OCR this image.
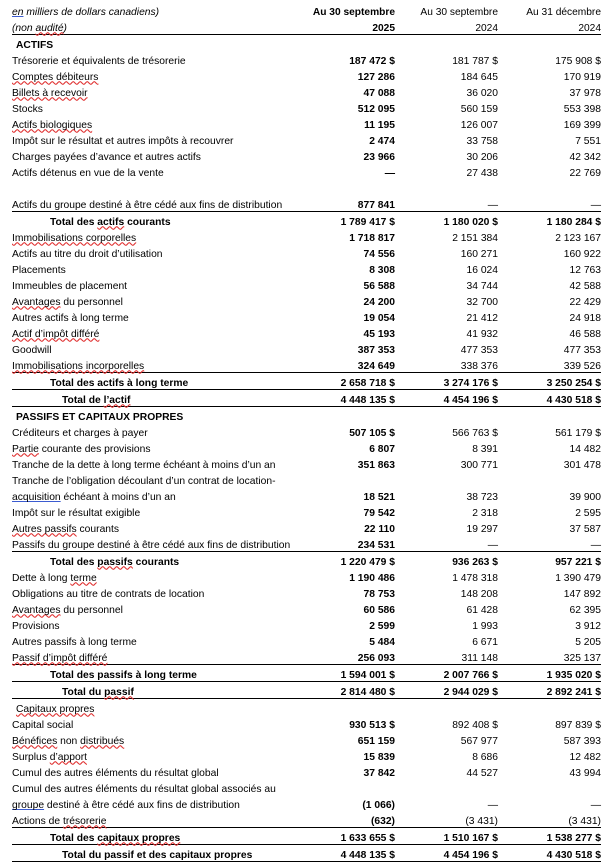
en milliers de dollars canadiens)	Au 30 septembre	Au 30 septembre	Au 31 décembre
(non audité)	2025	2024	2024
ACTIFS			
Trésorerie et équivalents de trésorerie	187 472 $	181 787 $	175 908 $
Comptes débiteurs	127 286	184 645	170 919
Billets à recevoir	47 088	36 020	37 978
Stocks	512 095	560 159	553 398
Actifs biologiques	11 195	126 007	169 399
Impôt sur le résultat et autres impôts à recouvrer	2 474	33 758	7 551
Charges payées d’avance et autres actifs	23 966	30 206	42 342
Actifs détenus en vue de la vente	—	27 438	22 769

Actifs du groupe destiné à être cédé aux fins de distribution	877 841	—	—
Total des actifs courants	1 789 417 $	1 180 020 $	1 180 284 $
Immobilisations corporelles	1 718 817	2 151 384	2 123 167
Actifs au titre du droit d’utilisation	74 556	160 271	160 922
Placements	8 308	16 024	12 763
Immeubles de placement	56 588	34 744	42 588
Avantages du personnel	24 200	32 700	22 429
Autres actifs à long terme	19 054	21 412	24 918
Actif d’impôt différé	45 193	41 932	46 588
Goodwill	387 353	477 353	477 353
Immobilisations incorporelles	324 649	338 376	339 526
Total des actifs à long terme	2 658 718 $	3 274 176 $	3 250 254 $
Total de l’actif	4 448 135 $	4 454 196 $	4 430 518 $
PASSIFS ET CAPITAUX PROPRES			
Créditeurs et charges à payer	507 105 $	566 763 $	561 179 $
Partie courante des provisions	6 807	8 391	14 482
Tranche de la dette à long terme échéant à moins d’un an	351 863	300 771	301 478
Tranche de l’obligation découlant d’un contrat de location-			
acquisition échéant à moins d’un an	18 521	38 723	39 900
Impôt sur le résultat exigible	79 542	2 318	2 595
Autres passifs courants	22 110	19 297	37 587
Passifs du groupe destiné à être cédé aux fins de distribution	234 531	—	—
Total des passifs courants	1 220 479 $	936 263 $	957 221 $
Dette à long terme	1 190 486	1 478 318	1 390 479
Obligations au titre de contrats de location	78 753	148 208	147 892
Avantages du personnel	60 586	61 428	62 395
Provisions	2 599	1 993	3 912
Autres passifs à long terme	5 484	6 671	5 205
Passif d’impôt différé	256 093	311 148	325 137
Total des passifs à long terme	1 594 001 $	2 007 766 $	1 935 020 $
Total du passif	2 814 480 $	2 944 029 $	2 892 241 $
Capitaux propres			
Capital social	930 513 $	892 408 $	897 839 $
Bénéfices non distribués	651 159	567 977	587 393
Surplus d’apport	15 839	8 686	12 482
Cumul des autres éléments du résultat global	37 842	44 527	43 994
Cumul des autres éléments du résultat global associés au			
groupe destiné à être cédé aux fins de distribution	(1 066)	—	—
Actions de trésorerie	(632)	(3 431)	(3 431)
Total des capitaux propres	1 633 655 $	1 510 167 $	1 538 277 $
Total du passif et des capitaux propres	4 448 135 $	4 454 196 $	4 430 518 $
